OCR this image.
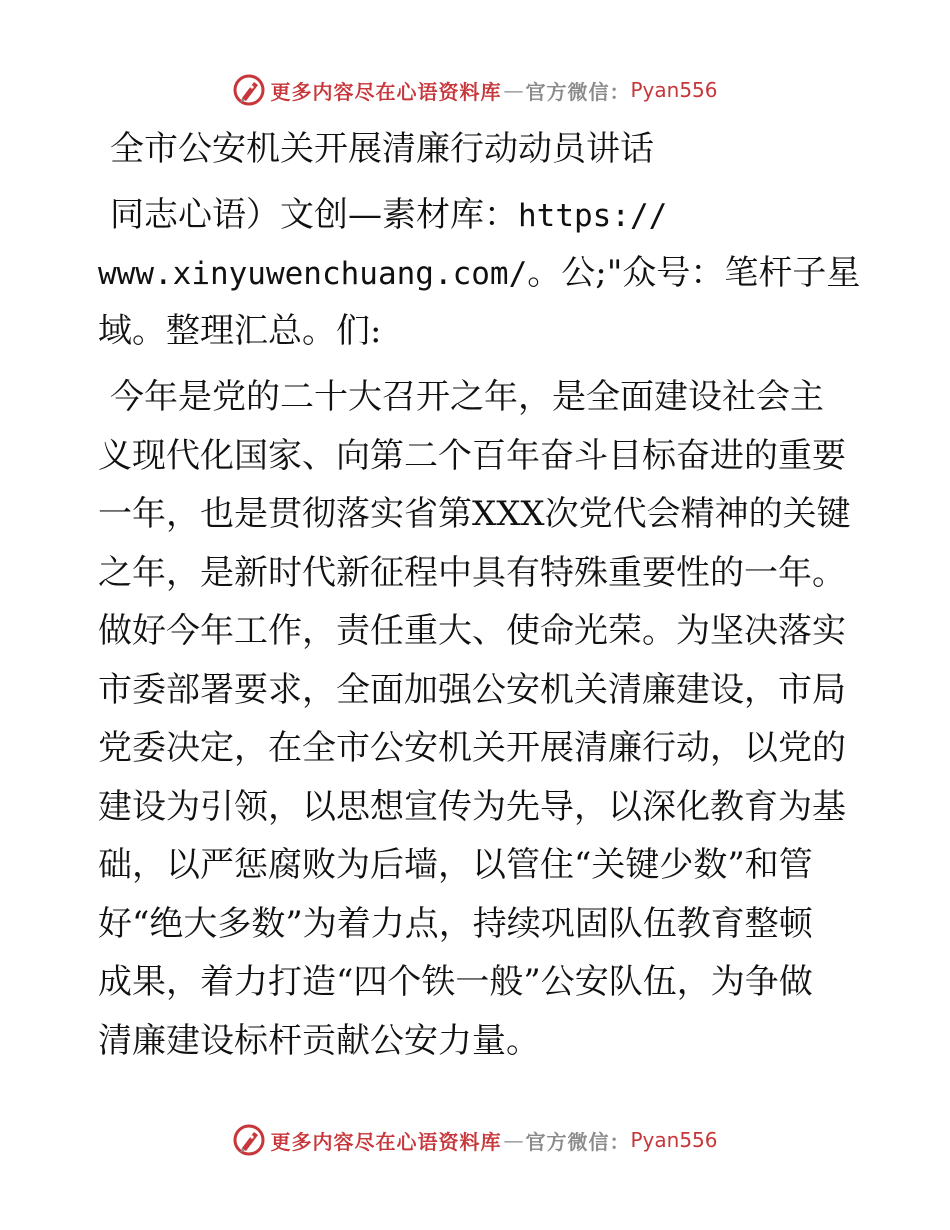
更多内容尽在心语资料库 — 官方微信： Pyan556
全市公安机关开展清廉行动动员讲话
同志心语）文创—素材库：https://
www.xinyuwenchuang.com/。公;"众号：笔杆子星
域。整理汇总。们:
今年是党的二十大召开之年，是全面建设社会主
义现代化国家、向第二个百年奋斗目标奋进的重要
一年，也是贯彻落实省第XXX次党代会精神的关键
之年，是新时代新征程中具有特殊重要性的一年。
做好今年工作，责任重大、使命光荣。为坚决落实
市委部署要求，全面加强公安机关清廉建设，市局
党委决定，在全市公安机关开展清廉行动，以党的
建设为引领，以思想宣传为先导，以深化教育为基
础，以严惩腐败为后墙，以管住“关键少数”和管
好“绝大多数”为着力点，持续巩固队伍教育整顿
成果，着力打造“四个铁一般”公安队伍，为争做
清廉建设标杆贡献公安力量。
更多内容尽在心语资料库 — 官方微信： Pyan556
